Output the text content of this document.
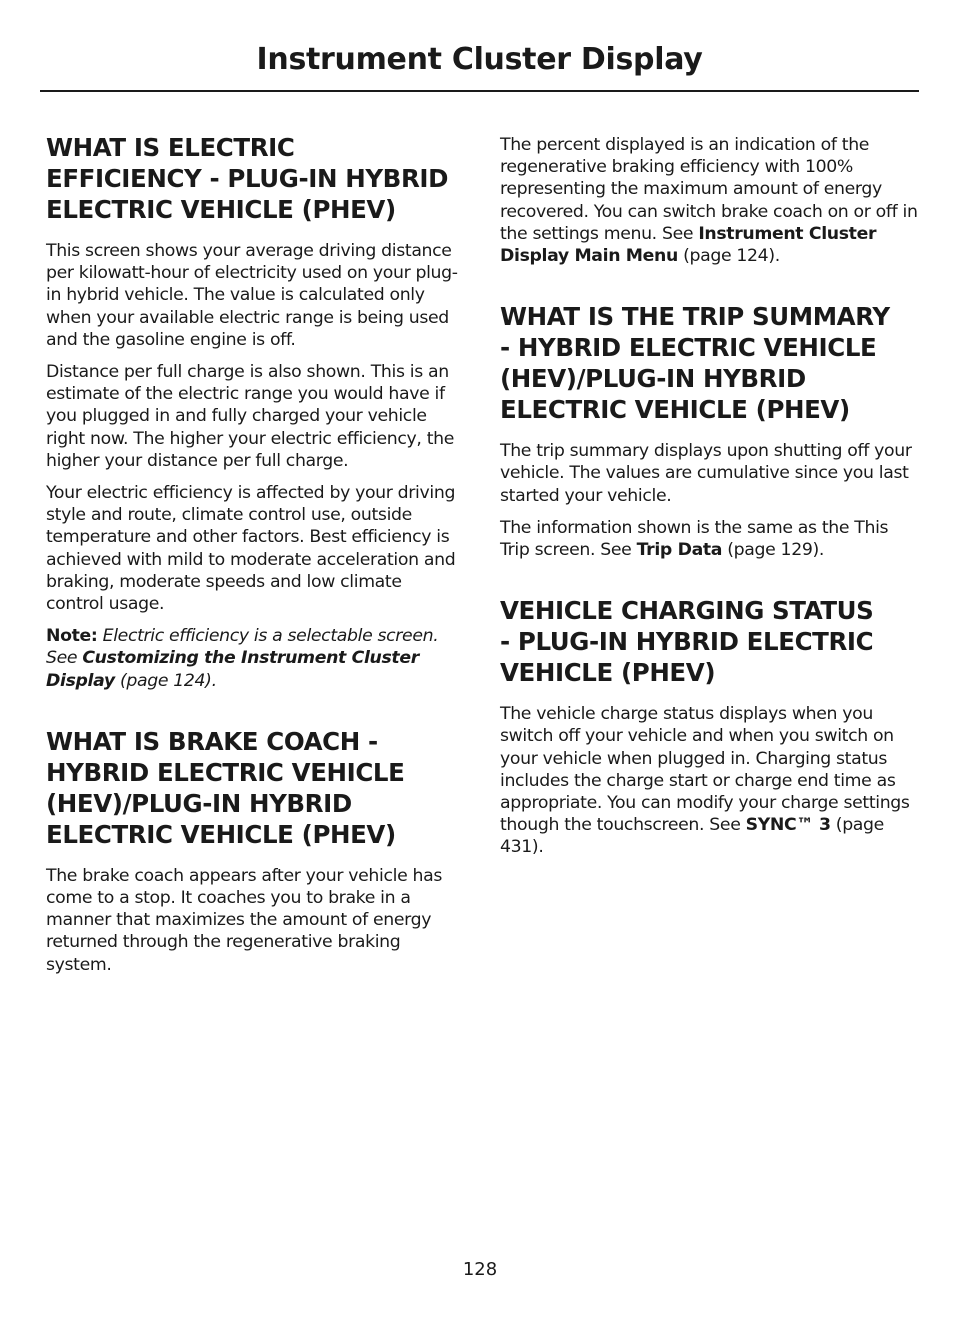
Instrument Cluster Display
WHAT IS ELECTRIC
EFFICIENCY - PLUG-IN HYBRID
ELECTRIC VEHICLE (PHEV)

This screen shows your average driving distance per kilowatt-hour of electricity used on your plug-in hybrid vehicle. The value is calculated only when your available electric range is being used and the gasoline engine is off.

Distance per full charge is also shown. This is an estimate of the electric range you would have if you plugged in and fully charged your vehicle right now. The higher your electric efficiency, the higher your distance per full charge.

Your electric efficiency is affected by your driving style and route, climate control use, outside temperature and other factors. Best efficiency is achieved with mild to moderate acceleration and braking, moderate speeds and low climate control usage.

Note: Electric efficiency is a selectable screen. See Customizing the Instrument Cluster Display (page 124).

WHAT IS BRAKE COACH -
HYBRID ELECTRIC VEHICLE
(HEV)/PLUG-IN HYBRID
ELECTRIC VEHICLE (PHEV)

The brake coach appears after your vehicle has come to a stop. It coaches you to brake in a manner that maximizes the amount of energy returned through the regenerative braking system.

The percent displayed is an indication of the regenerative braking efficiency with 100% representing the maximum amount of energy recovered. You can switch brake coach on or off in the settings menu. See Instrument Cluster Display Main Menu (page 124).

WHAT IS THE TRIP SUMMARY
- HYBRID ELECTRIC VEHICLE
(HEV)/PLUG-IN HYBRID
ELECTRIC VEHICLE (PHEV)

The trip summary displays upon shutting off your vehicle. The values are cumulative since you last started your vehicle.

The information shown is the same as the This Trip screen. See Trip Data (page 129).

VEHICLE CHARGING STATUS
- PLUG-IN HYBRID ELECTRIC
VEHICLE (PHEV)

The vehicle charge status displays when you switch off your vehicle and when you switch on your vehicle when plugged in. Charging status includes the charge start or charge end time as appropriate. You can modify your charge settings though the touchscreen. See SYNC™ 3 (page 431).

128
